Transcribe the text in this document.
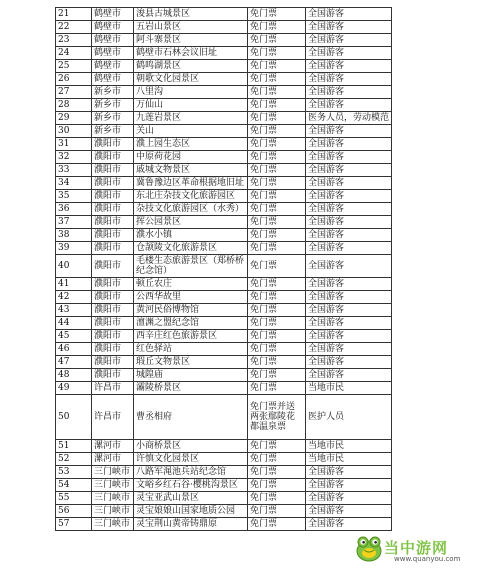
21	鹤壁市	浚县古城景区	免门票	全国游客
22	鹤壁市	五岩山景区	免门票	全国游客
23	鹤壁市	阿斗寨景区	免门票	全国游客
24	鹤壁市	鹤壁市石林会议旧址	免门票	全国游客
25	鹤壁市	鹤鸣湖景区	免门票	全国游客
26	鹤壁市	朝歌文化园景区	免门票	全国游客
27	新乡市	八里沟	免门票	全国游客
28	新乡市	万仙山	免门票	全国游客
29	新乡市	九莲岩景区	免门票	医务人员，劳动模范
30	新乡市	关山	免门票	全国游客
31	濮阳市	濮上园生态区	免门票	全国游客
32	濮阳市	中原荷花园	免门票	全国游客
33	濮阳市	戚城文物景区	免门票	全国游客
34	濮阳市	冀鲁豫边区革命根据地旧址	免门票	全国游客
35	濮阳市	东北庄杂技文化旅游园区	免门票	全国游客
36	濮阳市	杂技文化旅游园区（水秀）	免门票	全国游客
37	濮阳市	挥公园景区	免门票	全国游客
38	濮阳市	濮水小镇	免门票	全国游客
39	濮阳市	仓颉陵文化旅游景区	免门票	全国游客
40	濮阳市	毛楼生态旅游景区（郑桥桥纪念馆）	免门票	全国游客
41	濮阳市	顿丘农庄	免门票	全国游客
42	濮阳市	公西华故里	免门票	全国游客
43	濮阳市	黄河民俗博物馆	免门票	全国游客
44	濮阳市	澶渊之盟纪念馆	免门票	全国游客
45	濮阳市	西辛庄红色旅游景区	免门票	全国游客
46	濮阳市	红色驿站	免门票	全国游客
47	濮阳市	瑕丘文物景区	免门票	全国游客
48	濮阳市	城隍庙	免门票	全国游客
49	许昌市	灞陵桥景区	免门票	当地市民
50	许昌市	曹丞相府	免门票并送两张鄢陵花都温泉票	医护人员
51	漯河市	小商桥景区	免门票	当地市民
52	漯河市	许慎文化园景区	免门票	当地市民
53	三门峡市	八路军渑池兵站纪念馆	免门票	全国游客
54	三门峡市	文峪乡红石谷·樱桃沟景区	免门票	全国游客
55	三门峡市	灵宝亚武山景区	免门票	全国游客
56	三门峡市	灵宝娘娘山国家地质公园	免门票	全国游客
57	三门峡市	灵宝荆山黄帝铸鼎原	免门票	全国游客
当中游网
www.quanyou.com
